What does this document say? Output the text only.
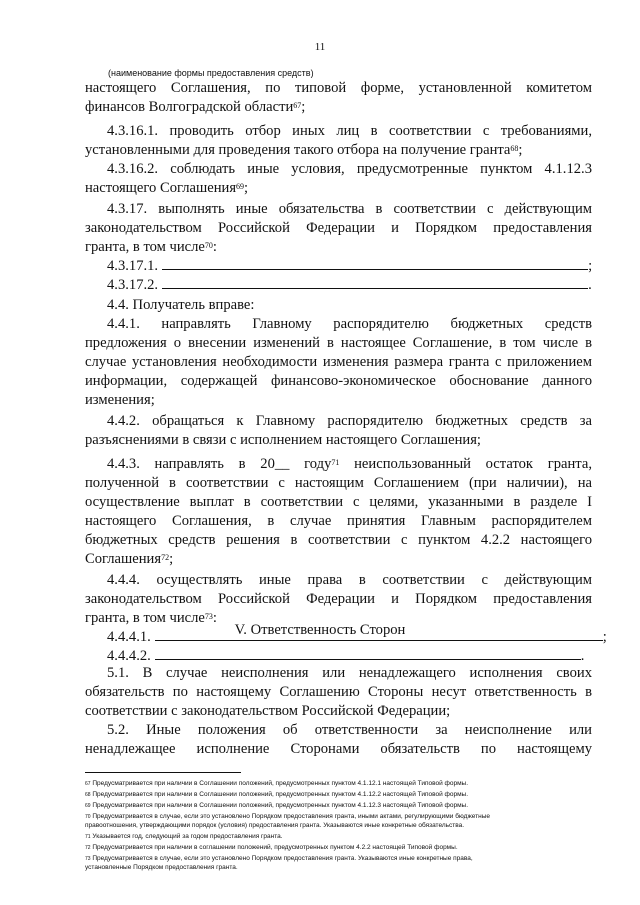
11
(наименование формы предоставления средств)
настоящего Соглашения, по типовой форме, установленной комитетом
финансов Волгоградской области$^{67}$;
4.3.16.1. проводить отбор иных лиц в соответствии с требованиями,
установленными для проведения такого отбора на получение гранта$^{68}$;
4.3.16.2. соблюдать иные условия, предусмотренные пунктом 4.1.12.3
настоящего Соглашения$^{69}$;
4.3.17. выполнять иные обязательства в соответствии с действующим
законодательством Российской Федерации и Порядком предоставления
гранта, в том числе$^{70}$:
4.3.17.1.	;
4.3.17.2.	.
4.4. Получатель вправе:
4.4.1. направлять Главному распорядителю бюджетных средств
предложения о внесении изменений в настоящее Соглашение, в том числе в
случае установления необходимости изменения размера гранта с приложением
информации, содержащей финансово-экономическое обоснование данного
изменения;
4.4.2. обращаться к Главному распорядителю бюджетных средств за
разъяснениями в связи с исполнением настоящего Соглашения;
4.4.3. направлять в 20__ году$^{71}$ неиспользованный остаток гранта,
полученной в соответствии с настоящим Соглашением (при наличии), на
осуществление выплат в соответствии с целями, указанными в разделе I
настоящего Соглашения, в случае принятия Главным распорядителем
бюджетных средств решения в соответствии с пунктом 4.2.2 настоящего
Соглашения$^{72}$;
4.4.4. осуществлять иные права в соответствии с действующим
законодательством Российской Федерации и Порядком предоставления
гранта, в том числе$^{73}$:
4.4.4.1.	;
4.4.4.2.	.
V. Ответственность Сторон
5.1. В случае неисполнения или ненадлежащего исполнения своих
обязательств по настоящему Соглашению Стороны несут ответственность в
соответствии с законодательством Российской Федерации;
5.2. Иные положения об ответственности за неисполнение или
ненадлежащее исполнение Сторонами обязательств по настоящему
$^{67}$ Предусматривается при наличии в Соглашении положений, предусмотренных пунктом 4.1.12.1 настоящей Типовой формы.
$^{68}$ Предусматривается при наличии в Соглашении положений, предусмотренных пунктом 4.1.12.2 настоящей Типовой формы.
$^{69}$ Предусматривается при наличии в Соглашении положений, предусмотренных пунктом 4.1.12.3 настоящей Типовой формы.
$^{70}$ Предусматривается в случае, если это установлено Порядком предоставления гранта, иными актами, регулирующими бюджетные
правоотношения, утверждающими порядок (условия) предоставления гранта. Указываются иные конкретные обязательства.
$^{71}$ Указывается год, следующий за годом предоставления гранта.
$^{72}$ Предусматривается при наличии в соглашении положений, предусмотренных пунктом 4.2.2 настоящей Типовой формы.
$^{73}$ Предусматривается в случае, если это установлено Порядком предоставления гранта. Указываются иные конкретные права,
установленные Порядком предоставления гранта.
